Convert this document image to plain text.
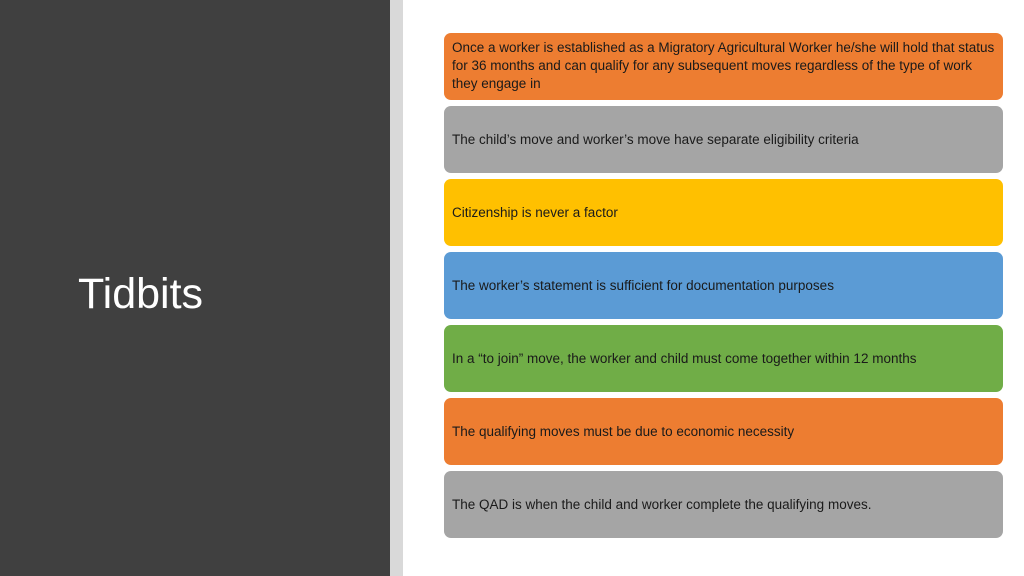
Tidbits
Once a worker is established as a Migratory Agricultural Worker he/she will hold that status for 36 months and can qualify for any subsequent moves regardless of the type of work they engage in
The child’s move and worker’s move have separate eligibility criteria
Citizenship is never a factor
The worker’s statement is sufficient for documentation purposes
In a “to join” move, the worker and child must come together within 12 months
The qualifying moves must be due to economic necessity
The QAD is when the child and worker complete the qualifying moves.
